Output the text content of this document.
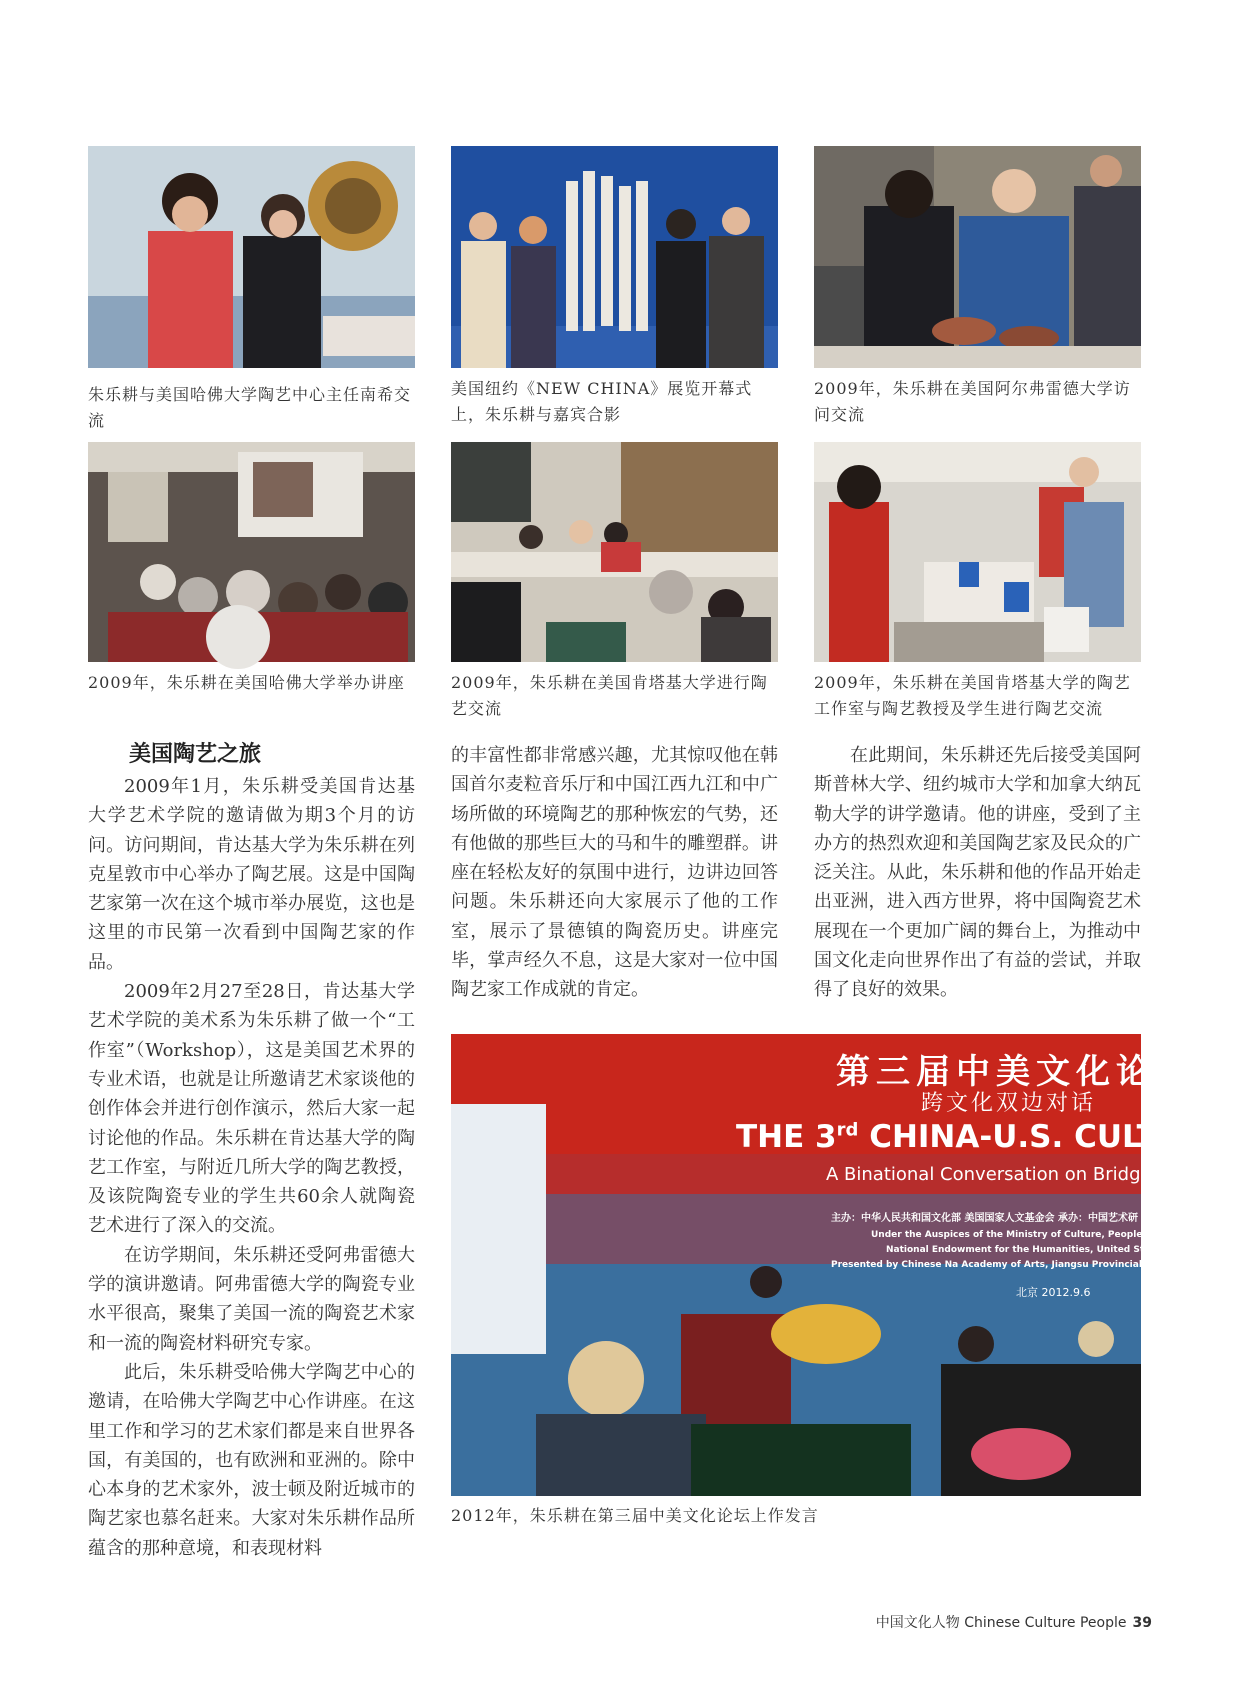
朱乐耕与美国哈佛大学陶艺中心主任南希交流
美国纽约《NEW CHINA》展览开幕式上，朱乐耕与嘉宾合影
2009年，朱乐耕在美国阿尔弗雷德大学访问交流
2009年，朱乐耕在美国哈佛大学举办讲座	2009年，朱乐耕在美国肯塔基大学进行陶艺交流
2009年，朱乐耕在美国肯塔基大学的陶艺工作室与陶艺教授及学生进行陶艺交流
美国陶艺之旅

2009年1月，朱乐耕受美国肯达基大学艺术学院的邀请做为期3个月的访问。访问期间，肯达基大学为朱乐耕在列克星敦市中心举办了陶艺展。这是中国陶艺家第一次在这个城市举办展览，这也是这里的市民第一次看到中国陶艺家的作品。

2009年2月27至28日，肯达基大学艺术学院的美术系为朱乐耕了做一个“工作室”（Workshop），这是美国艺术界的专业术语，也就是让所邀请艺术家谈他的创作体会并进行创作演示，然后大家一起讨论他的作品。朱乐耕在肯达基大学的陶艺工作室，与附近几所大学的陶艺教授，及该院陶瓷专业的学生共60余人就陶瓷艺术进行了深入的交流。

在访学期间，朱乐耕还受阿弗雷德大学的演讲邀请。阿弗雷德大学的陶瓷专业水平很高，聚集了美国一流的陶瓷艺术家和一流的陶瓷材料研究专家。

此后，朱乐耕受哈佛大学陶艺中心的邀请，在哈佛大学陶艺中心作讲座。在这里工作和学习的艺术家们都是来自世界各国，有美国的，也有欧洲和亚洲的。除中心本身的艺术家外，波士顿及附近城市的陶艺家也慕名赶来。大家对朱乐耕作品所蕴含的那种意境，和表现材料

的丰富性都非常感兴趣，尤其惊叹他在韩国首尔麦粒音乐厅和中国江西九江和中广场所做的环境陶艺的那种恢宏的气势，还有他做的那些巨大的马和牛的雕塑群。讲座在轻松友好的氛围中进行，边讲边回答问题。朱乐耕还向大家展示了他的工作室，展示了景德镇的陶瓷历史。讲座完毕，掌声经久不息，这是大家对一位中国陶艺家工作成就的肯定。

在此期间，朱乐耕还先后接受美国阿斯普林大学、纽约城市大学和加拿大纳瓦勒大学的讲学邀请。他的讲座，受到了主办方的热烈欢迎和美国陶艺家及民众的广泛关注。从此，朱乐耕和他的作品开始走出亚洲，进入西方世界，将中国陶瓷艺术展现在一个更加广阔的舞台上，为推动中国文化走向世界作出了有益的尝试，并取得了良好的效果。

第三届中美文化论
跨文化双边对话
THE 3rd CHINA-U.S. CULTUR
A Binational Conversation on Bridging
主办：中华人民共和国文化部 美国国家人文基金会 承办：中国艺术研
Under the Auspices of the Ministry of Culture, People's Republ
National Endowment for the Humanities, United States of
Presented by Chinese Na Academy of Arts, Jiangsu Provincial De
北京 2012.9.6
2012年，朱乐耕在第三届中美文化论坛上作发言
中国文化人物 Chinese Culture People 39
